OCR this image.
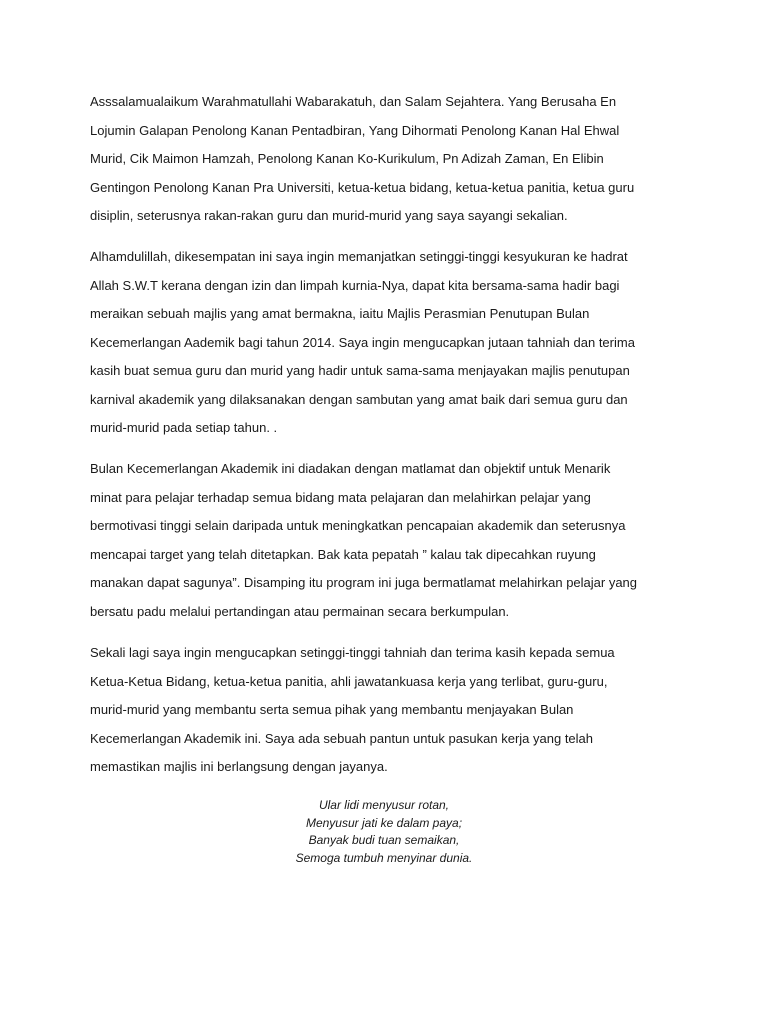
Asssalamualaikum Warahmatullahi Wabarakatuh, dan Salam Sejahtera. Yang Berusaha En
Lojumin Galapan Penolong Kanan Pentadbiran, Yang Dihormati Penolong Kanan Hal Ehwal
Murid, Cik Maimon Hamzah, Penolong Kanan Ko-Kurikulum, Pn Adizah Zaman, En Elibin
Gentingon Penolong Kanan Pra Universiti, ketua-ketua bidang, ketua-ketua panitia, ketua guru
disiplin, seterusnya rakan-rakan guru dan murid-murid yang saya sayangi sekalian.

Alhamdulillah, dikesempatan ini saya ingin memanjatkan setinggi-tinggi kesyukuran ke hadrat
Allah S.W.T kerana dengan izin dan limpah kurnia-Nya, dapat kita bersama-sama hadir bagi
meraikan sebuah majlis yang amat bermakna, iaitu Majlis Perasmian Penutupan Bulan
Kecemerlangan Aademik bagi tahun 2014. Saya ingin mengucapkan jutaan tahniah dan terima
kasih buat semua guru dan murid yang hadir untuk sama-sama menjayakan majlis penutupan
karnival akademik yang dilaksanakan dengan sambutan yang amat baik dari semua guru dan
murid-murid pada setiap tahun. .

Bulan Kecemerlangan Akademik ini diadakan dengan matlamat dan objektif untuk Menarik
minat para pelajar terhadap semua bidang mata pelajaran dan melahirkan pelajar yang
bermotivasi tinggi selain daripada untuk meningkatkan pencapaian akademik dan seterusnya
mencapai target yang telah ditetapkan. Bak kata pepatah ” kalau tak dipecahkan ruyung
manakan dapat sagunya”. Disamping itu program ini juga bermatlamat melahirkan pelajar yang
bersatu padu melalui pertandingan atau permainan secara berkumpulan.

Sekali lagi saya ingin mengucapkan setinggi-tinggi tahniah dan terima kasih kepada semua
Ketua-Ketua Bidang, ketua-ketua panitia, ahli jawatankuasa kerja yang terlibat, guru-guru,
murid-murid yang membantu serta semua pihak yang membantu menjayakan Bulan
Kecemerlangan Akademik ini. Saya ada sebuah pantun untuk pasukan kerja yang telah
memastikan majlis ini berlangsung dengan jayanya.

Ular lidi menyusur rotan,
Menyusur jati ke dalam paya;
Banyak budi tuan semaikan,
Semoga tumbuh menyinar dunia.
